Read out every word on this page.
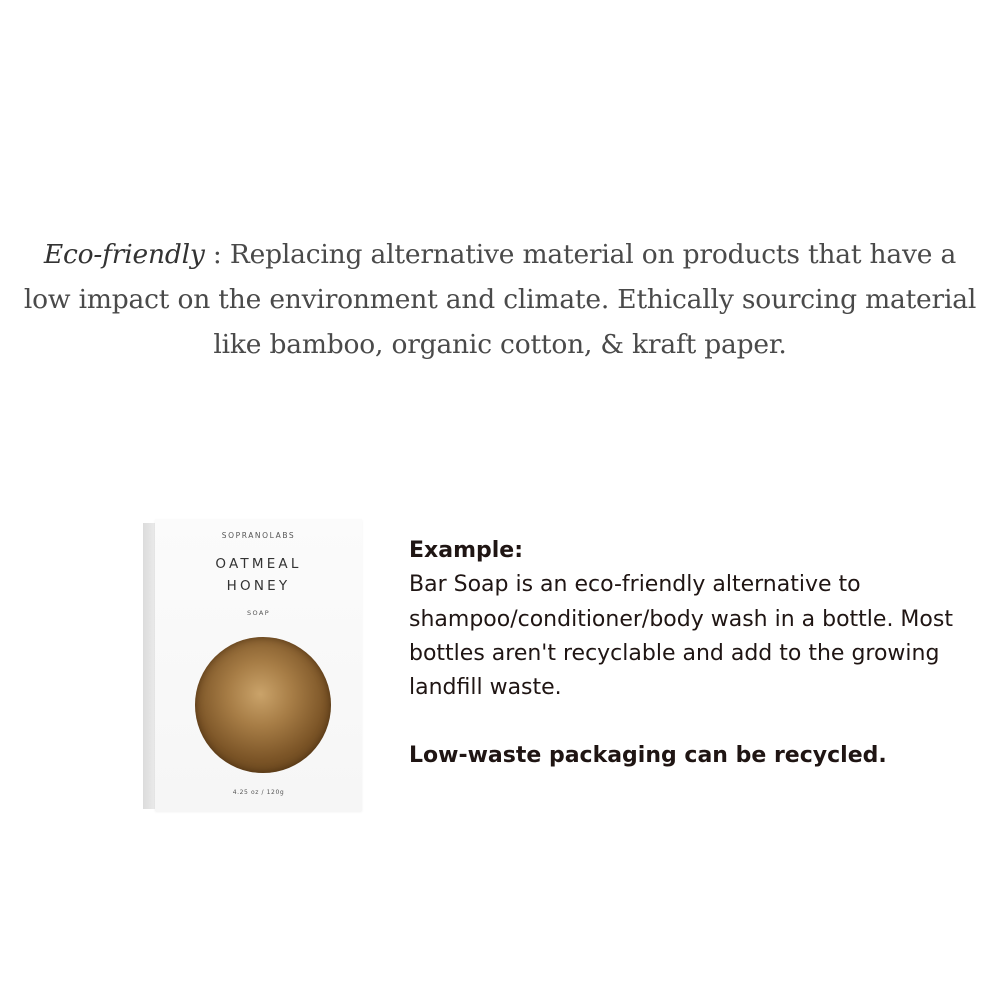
Eco-friendly : Replacing alternative material on products that have a low impact on the environment and climate. Ethically sourcing material like bamboo, organic cotton, & kraft paper.
SOPRANOLABS
OATMEAL
HONEY
SOAP
4.25 oz / 120g
Example:
Bar Soap is an eco-friendly alternative to shampoo/conditioner/body wash in a bottle. Most bottles aren't recyclable and add to the growing landfill waste.
Low-waste packaging can be recycled.
